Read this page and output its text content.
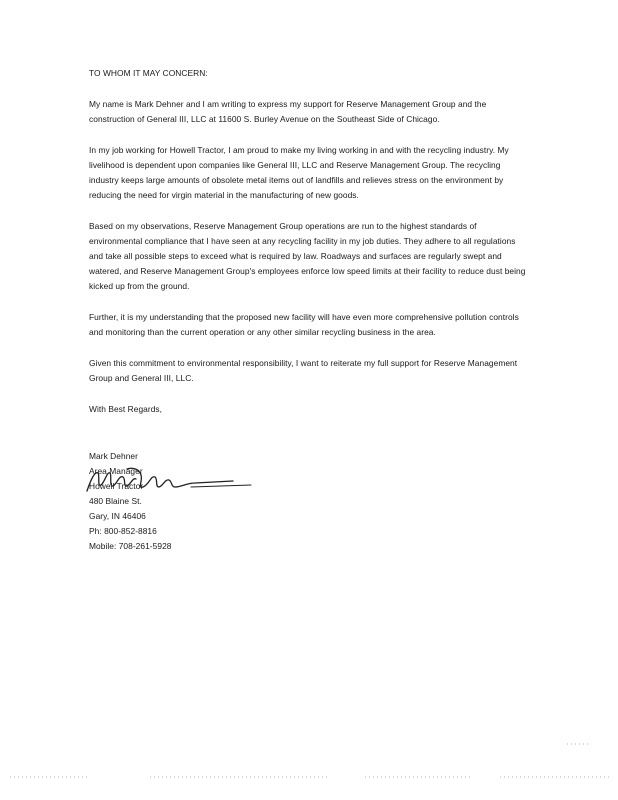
TO WHOM IT MAY CONCERN:

My name is Mark Dehner and I am writing to express my support for Reserve Management Group and the construction of General III, LLC at 11600 S. Burley Avenue on the Southeast Side of Chicago.

In my job working for Howell Tractor, I am proud to make my living working in and with the recycling industry. My livelihood is dependent upon companies like General III, LLC and Reserve Management Group. The recycling industry keeps large amounts of obsolete metal items out of landfills and relieves stress on the environment by reducing the need for virgin material in the manufacturing of new goods.

Based on my observations, Reserve Management Group operations are run to the highest standards of environmental compliance that I have seen at any recycling facility in my job duties. They adhere to all regulations and take all possible steps to exceed what is required by law. Roadways and surfaces are regularly swept and watered, and Reserve Management Group's employees enforce low speed limits at their facility to reduce dust being kicked up from the ground.

Further, it is my understanding that the proposed new facility will have even more comprehensive pollution controls and monitoring than the current operation or any other similar recycling business in the area.

Given this commitment to environmental responsibility, I want to reiterate my full support for Reserve Management Group and General III, LLC.

With Best Regards,

Mark Dehner
Area Manager
Howell Tractor
480 Blaine St.
Gary, IN 46406
Ph: 800-852-8816
Mobile: 708-261-5928
